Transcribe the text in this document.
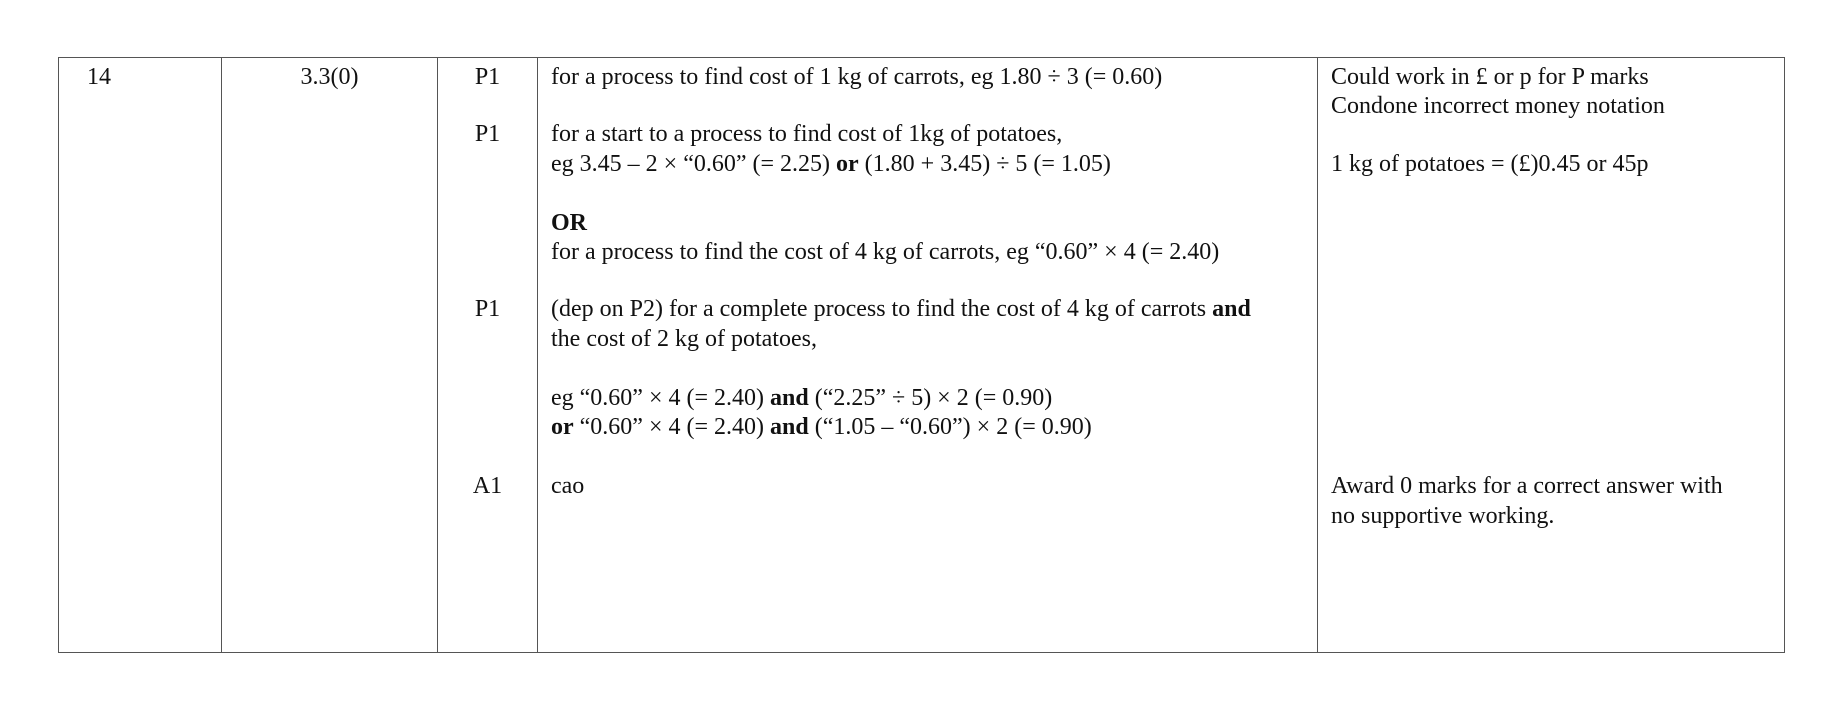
14	3.3(0)	P1
P1
P1
A1
for a process to find cost of 1 kg of carrots, eg 1.80 ÷ 3 (= 0.60)
for a start to a process to find cost of 1kg of potatoes,
eg 3.45 – 2 × “0.60” (= 2.25) or (1.80 + 3.45) ÷ 5 (= 1.05)
OR
for a process to find the cost of 4 kg of carrots, eg “0.60” × 4 (= 2.40)
(dep on P2) for a complete process to find the cost of 4 kg of carrots and
the cost of 2 kg of potatoes,
eg “0.60” × 4 (= 2.40) and (“2.25” ÷ 5) × 2 (= 0.90)
or “0.60” × 4 (= 2.40) and (“1.05 – “0.60”) × 2 (= 0.90)
cao
Could work in £ or p for P marks
Condone incorrect money notation
1 kg of potatoes = (£)0.45 or 45p
Award 0 marks for a correct answer with
no supportive working.
